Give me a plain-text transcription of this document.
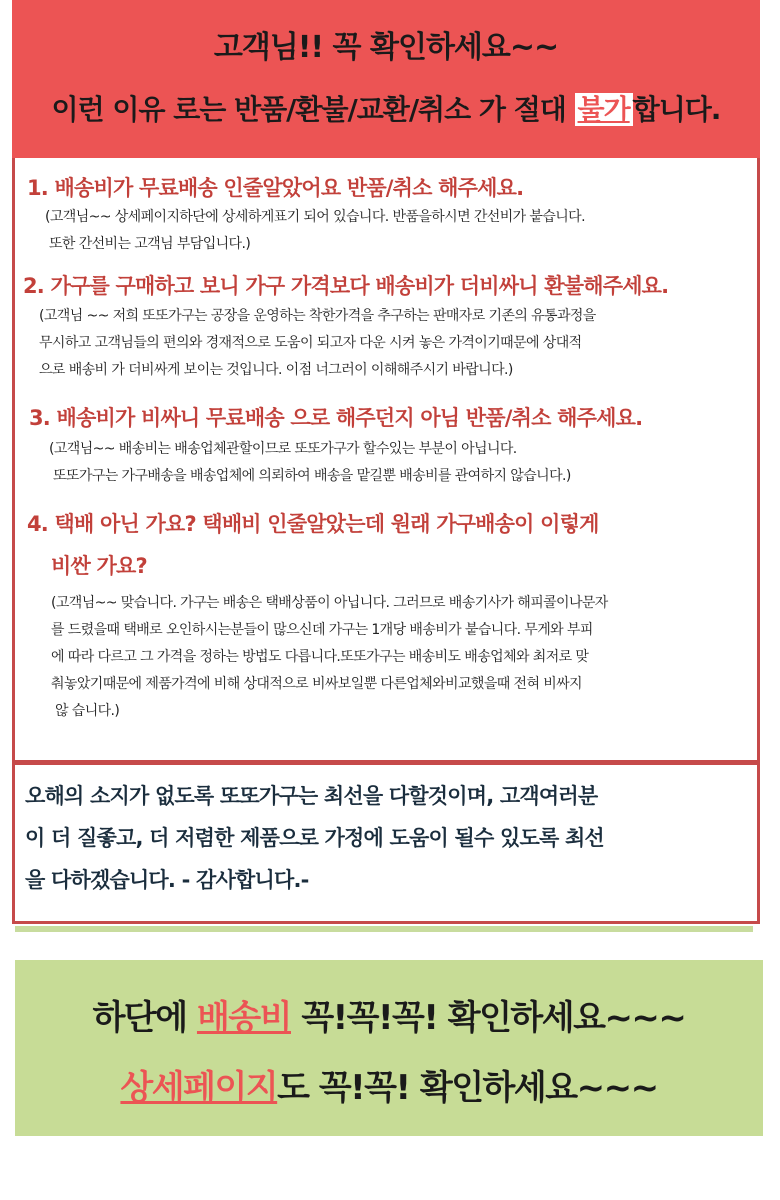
고객님!! 꼭 확인하세요~~
이런 이유 로는 반품/환불/교환/취소 가 절대 불가 합니다.
1. 배송비가 무료배송 인줄알았어요 반품/취소 해주세요.
(고객님~~ 상세페이지하단에 상세하게표기 되어 있습니다. 반품을하시면 간선비가 붙습니다.
또한 간선비는 고객님 부담입니다.)
2. 가구를 구매하고 보니 가구 가격보다 배송비가 더비싸니 환불해주세요.
(고객님 ~~ 저희 또또가구는 공장을 운영하는 착한가격을 추구하는 판매자로 기존의 유통과정을
무시하고 고객님들의 편의와 경재적으로 도움이 되고자 다운 시켜 놓은 가격이기때문에 상대적
으로 배송비 가 더비싸게 보이는 것입니다. 이점 너그러이 이해해주시기 바랍니다.)
3. 배송비가 비싸니 무료배송 으로 해주던지 아님 반품/취소 해주세요.
(고객님~~ 배송비는 배송업체관할이므로 또또가구가 할수있는 부분이 아닙니다.
또또가구는 가구배송을 배송업체에 의뢰하여 배송을 맡길뿐 배송비를 관여하지 않습니다.)
4. 택배 아닌 가요? 택배비 인줄알았는데 원래 가구배송이 이렇게
비싼 가요?
(고객님~~ 맞습니다. 가구는 배송은 택배상품이 아닙니다. 그러므로 배송기사가 해피콜이나문자
를 드렸을때 택배로 오인하시는분들이 많으신데 가구는 1개당 배송비가 붙습니다. 무게와 부피
에 따라 다르고 그 가격을 정하는 방법도 다릅니다.또또가구는 배송비도 배송업체와 최저로 맞
춰놓았기때문에 제품가격에 비해 상대적으로 비싸보일뿐 다른업체와비교했을때 전혀 비싸지
않 습니다.)
오해의 소지가 없도록 또또가구는 최선을 다할것이며, 고객여러분
이 더 질좋고, 더 저렴한 제품으로 가정에 도움이 될수 있도록 최선
을 다하겠습니다. - 감사합니다.-
하단에 배송비 꼭!꼭!꼭! 확인하세요~~~
상세페이지도 꼭!꼭! 확인하세요~~~
